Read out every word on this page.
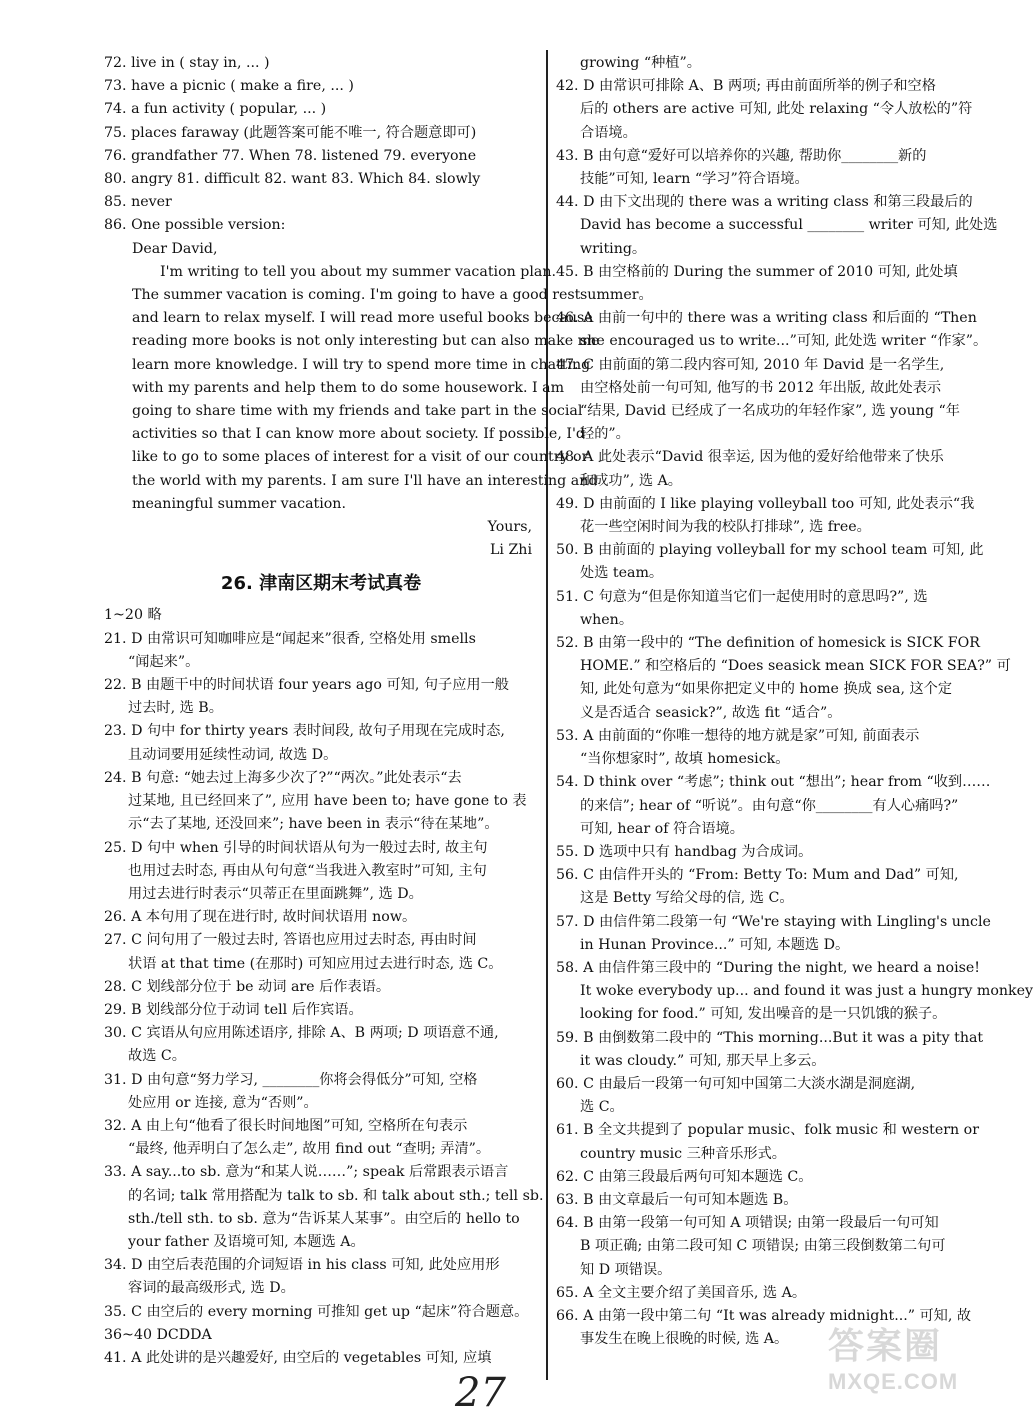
72. live in ( stay in, ... )
73. have a picnic ( make a fire, ... )
74. a fun activity ( popular, ... )
75. places faraway (此题答案可能不唯一, 符合题意即可)
76. grandfather 77. When 78. listened 79. everyone
80. angry 81. difficult 82. want 83. Which 84. slowly
85. never
86. One possible version:
Dear David,
I'm writing to tell you about my summer vacation plan.
The summer vacation is coming. I'm going to have a good rest
and learn to relax myself. I will read more useful books because
reading more books is not only interesting but can also make me
learn more knowledge. I will try to spend more time in chatting
with my parents and help them to do some housework. I am
going to share time with my friends and take part in the social
activities so that I can know more about society. If possible, I'd
like to go to some places of interest for a visit of our country or
the world with my parents. I am sure I'll have an interesting and
meaningful summer vacation.
Yours,
Li Zhi
26. 津南区期末考试真卷
1~20 略
21. D 由常识可知咖啡应是“闻起来”很香, 空格处用 smells
“闻起来”。
22. B 由题干中的时间状语 four years ago 可知, 句子应用一般
过去时, 选 B。
23. D 句中 for thirty years 表时间段, 故句子用现在完成时态,
且动词要用延续性动词, 故选 D。
24. B 句意: “她去过上海多少次了?”“两次。”此处表示“去
过某地, 且已经回来了”, 应用 have been to; have gone to 表
示“去了某地, 还没回来”; have been in 表示“待在某地”。
25. D 句中 when 引导的时间状语从句为一般过去时, 故主句
也用过去时态, 再由从句句意“当我进入教室时”可知, 主句
用过去进行时表示“贝蒂正在里面跳舞”, 选 D。
26. A 本句用了现在进行时, 故时间状语用 now。
27. C 问句用了一般过去时, 答语也应用过去时态, 再由时间
状语 at that time (在那时) 可知应用过去进行时态, 选 C。
28. C 划线部分位于 be 动词 are 后作表语。
29. B 划线部分位于动词 tell 后作宾语。
30. C 宾语从句应用陈述语序, 排除 A、B 两项; D 项语意不通,
故选 C。
31. D 由句意“努力学习, ________你将会得低分”可知, 空格
处应用 or 连接, 意为“否则”。
32. A 由上句“他看了很长时间地图”可知, 空格所在句表示
“最终, 他弄明白了怎么走”, 故用 find out “查明; 弄清”。
33. A say...to sb. 意为“和某人说……”; speak 后常跟表示语言
的名词; talk 常用搭配为 talk to sb. 和 talk about sth.; tell sb.
sth./tell sth. to sb. 意为“告诉某人某事”。由空后的 hello to
your father 及语境可知, 本题选 A。
34. D 由空后表范围的介词短语 in his class 可知, 此处应用形
容词的最高级形式, 选 D。
35. C 由空后的 every morning 可推知 get up “起床”符合题意。
36~40 DCDDA
41. A 此处讲的是兴趣爱好, 由空后的 vegetables 可知, 应填
growing “种植”。
42. D 由常识可排除 A、B 两项; 再由前面所举的例子和空格
后的 others are active 可知, 此处 relaxing “令人放松的”符
合语境。
43. B 由句意“爱好可以培养你的兴趣, 帮助你________新的
技能”可知, learn “学习”符合语境。
44. D 由下文出现的 there was a writing class 和第三段最后的
David has become a successful ________ writer 可知, 此处选
writing。
45. B 由空格前的 During the summer of 2010 可知, 此处填
summer。
46. A 由前一句中的 there was a writing class 和后面的 “Then
she encouraged us to write...”可知, 此处选 writer “作家”。
47. C 由前面的第二段内容可知, 2010 年 David 是一名学生,
由空格处前一句可知, 他写的书 2012 年出版, 故此处表示
“结果, David 已经成了一名成功的年轻作家”, 选 young “年
轻的”。
48. A 此处表示“David 很幸运, 因为他的爱好给他带来了快乐
和成功”, 选 A。
49. D 由前面的 I like playing volleyball too 可知, 此处表示“我
花一些空闲时间为我的校队打排球”, 选 free。
50. B 由前面的 playing volleyball for my school team 可知, 此
处选 team。
51. C 句意为“但是你知道当它们一起使用时的意思吗?”, 选
when。
52. B 由第一段中的 “The definition of homesick is SICK FOR
HOME.” 和空格后的 “Does seasick mean SICK FOR SEA?” 可
知, 此处句意为“如果你把定义中的 home 换成 sea, 这个定
义是否适合 seasick?”, 故选 fit “适合”。
53. A 由前面的“你唯一想待的地方就是家”可知, 前面表示
“当你想家时”, 故填 homesick。
54. D think over “考虑”; think out “想出”; hear from “收到……
的来信”; hear of “听说”。由句意“你________有人心痛吗?”
可知, hear of 符合语境。
55. D 选项中只有 handbag 为合成词。
56. C 由信件开头的 “From: Betty To: Mum and Dad” 可知,
这是 Betty 写给父母的信, 选 C。
57. D 由信件第二段第一句 “We're staying with Lingling's uncle
in Hunan Province...” 可知, 本题选 D。
58. A 由信件第三段中的 “During the night, we heard a noise!
It woke everybody up... and found it was just a hungry monkey
looking for food.” 可知, 发出噪音的是一只饥饿的猴子。
59. B 由倒数第二段中的 “This morning...But it was a pity that
it was cloudy.” 可知, 那天早上多云。
60. C 由最后一段第一句可知中国第二大淡水湖是洞庭湖,
选 C。
61. B 全文共提到了 popular music、folk music 和 western or
country music 三种音乐形式。
62. C 由第三段最后两句可知本题选 C。
63. B 由文章最后一句可知本题选 B。
64. B 由第一段第一句可知 A 项错误; 由第一段最后一句可知
B 项正确; 由第二段可知 C 项错误; 由第三段倒数第二句可
知 D 项错误。
65. A 全文主要介绍了美国音乐, 选 A。
66. A 由第一段中第二句 “It was already midnight...” 可知, 故
事发生在晚上很晚的时候, 选 A。
27
答案圈
MXQE.COM
